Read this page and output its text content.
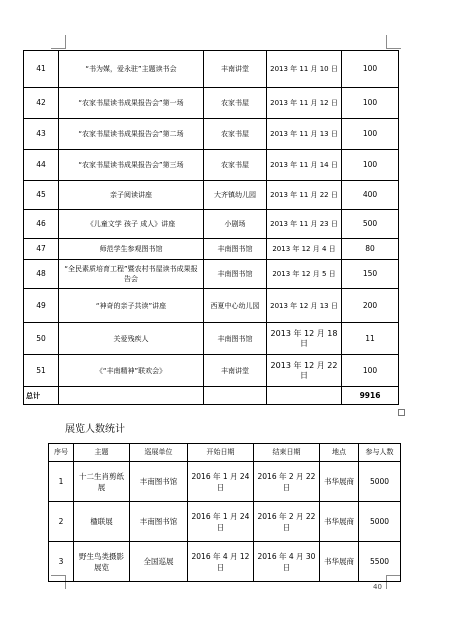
41	“书为媒，爱永驻”主题读书会	丰南讲堂	2013 年 11 月 10 日	100
42	“农家书屋读书成果报告会”第一场	农家书屋	2013 年 11 月 12 日	100
43	“农家书屋读书成果报告会”第二场	农家书屋	2013 年 11 月 13 日	100
44	“农家书屋读书成果报告会”第三场	农家书屋	2013 年 11 月 14 日	100
45	亲子阅读讲座	大齐镇幼儿园	2013 年 11 月 22 日	400
46	《儿童文学 孩子 成人》讲座	小剧场	2013 年 11 月 23 日	500
47	师范学生参观图书馆	丰南图书馆	2013 年 12 月 4 日	80
48	“全民素质培育工程”暨农村书屋读书成果报告会	丰南图书馆	2013 年 12 月 5 日	150
49	“神奇的亲子共读”讲座	西夏中心幼儿园	2013 年 12 月 13 日	200
50	关爱残疾人	丰南图书馆	2013 年 12 月 18 日	11
51	《“丰南精神”联欢会》	丰南讲堂	2013 年 12 月 22 日	100
总计				9916
展览人数统计
序号	主题	巡展单位	开始日期	结束日期	地点	参与人数
1	十二生肖剪纸展	丰南图书馆	2016 年 1 月 24 日	2016 年 2 月 22 日	书华展商	5000
2	楹联展	丰南图书馆	2016 年 1 月 24 日	2016 年 2 月 22 日	书华展商	5000
3	野生鸟类摄影展览	全国巡展	2016 年 4 月 12 日	2016 年 4 月 30 日	书华展商	5500
40
